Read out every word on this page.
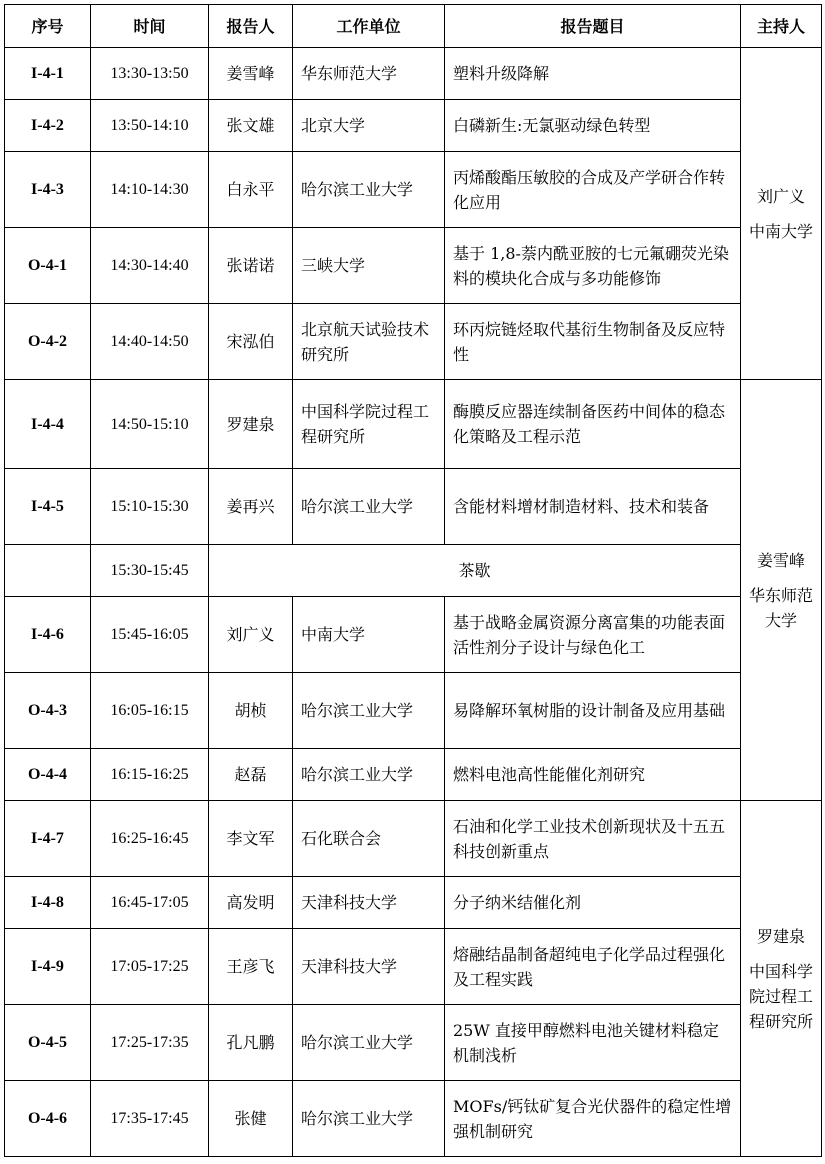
序号	时间	报告人	工作单位	报告题目	主持人
I-4-1	13:30-13:50	姜雪峰	华东师范大学	塑料升级降解	刘广义
中南大学

I-4-2	13:50-14:10	张文雄	北京大学	白磷新生:无氯驱动绿色转型	
I-4-3	14:10-14:30	白永平	哈尔滨工业大学	丙烯酸酯压敏胶的合成及产学研合作转化应用	
O-4-1	14:30-14:40	张诺诺	三峡大学	基于 1,8-萘内酰亚胺的七元氟硼荧光染料的模块化合成与多功能修饰	
O-4-2	14:40-14:50	宋泓伯	北京航天试验技术研究所	环丙烷链烃取代基衍生物制备及反应特性	
I-4-4	14:50-15:10	罗建泉	中国科学院过程工程研究所	酶膜反应器连续制备医药中间体的稳态化策略及工程示范	姜雪峰
华东师范大学

I-4-5	15:10-15:30	姜再兴	哈尔滨工业大学	含能材料增材制造材料、技术和装备	
	15:30-15:45	茶歇			
I-4-6	15:45-16:05	刘广义	中南大学	基于战略金属资源分离富集的功能表面活性剂分子设计与绿色化工	
O-4-3	16:05-16:15	胡桢	哈尔滨工业大学	易降解环氧树脂的设计制备及应用基础	
O-4-4	16:15-16:25	赵磊	哈尔滨工业大学	燃料电池高性能催化剂研究	
I-4-7	16:25-16:45	李文军	石化联合会	石油和化学工业技术创新现状及十五五科技创新重点	罗建泉
中国科学院过程工程研究所

I-4-8	16:45-17:05	高发明	天津科技大学	分子纳米结催化剂	
I-4-9	17:05-17:25	王彦飞	天津科技大学	熔融结晶制备超纯电子化学品过程强化及工程实践	
O-4-5	17:25-17:35	孔凡鹏	哈尔滨工业大学	25W 直接甲醇燃料电池关键材料稳定机制浅析	
O-4-6	17:35-17:45	张健	哈尔滨工业大学	MOFs/钙钛矿复合光伏器件的稳定性增强机制研究	
